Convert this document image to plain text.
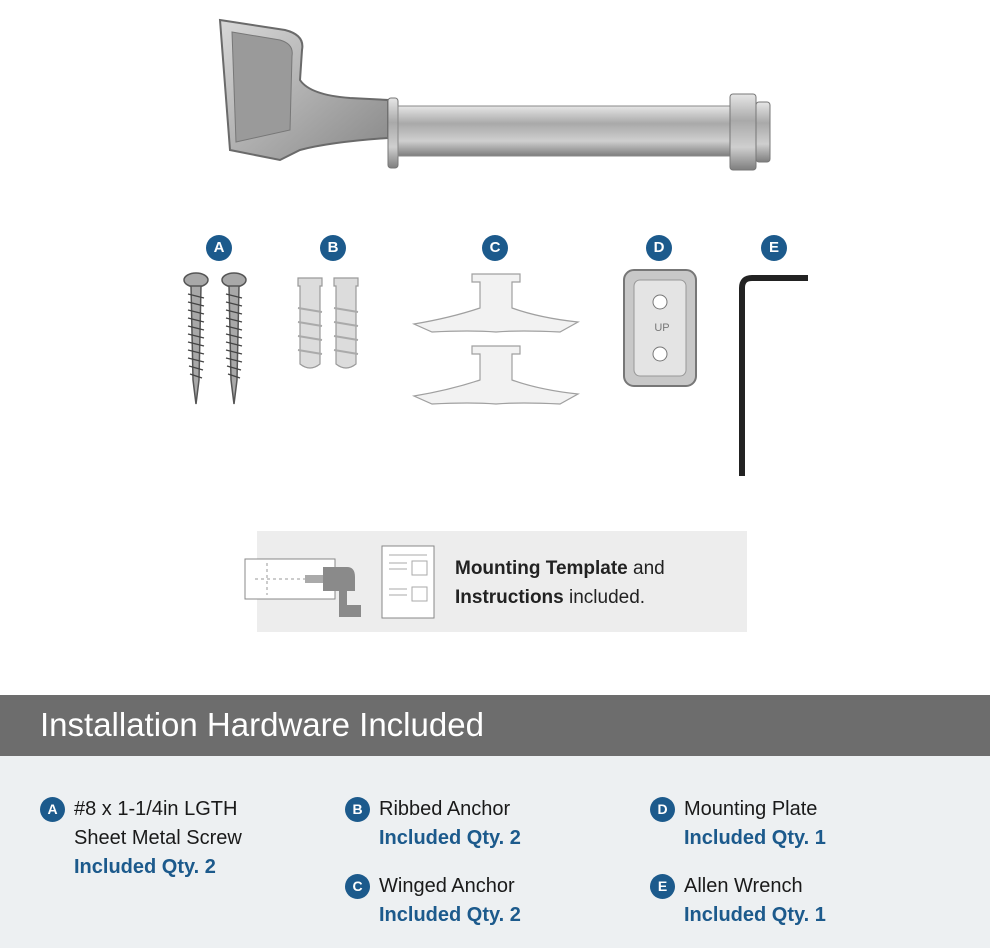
A	B	C	D	E
UP
Mounting Template and
Instructions included.
Installation Hardware Included
A #8 x 1-1/4in LGTH
Sheet Metal Screw
Included Qty. 2
B Ribbed Anchor
Included Qty. 2
C Winged Anchor
Included Qty. 2
D Mounting Plate
Included Qty. 1
E Allen Wrench
Included Qty. 1
